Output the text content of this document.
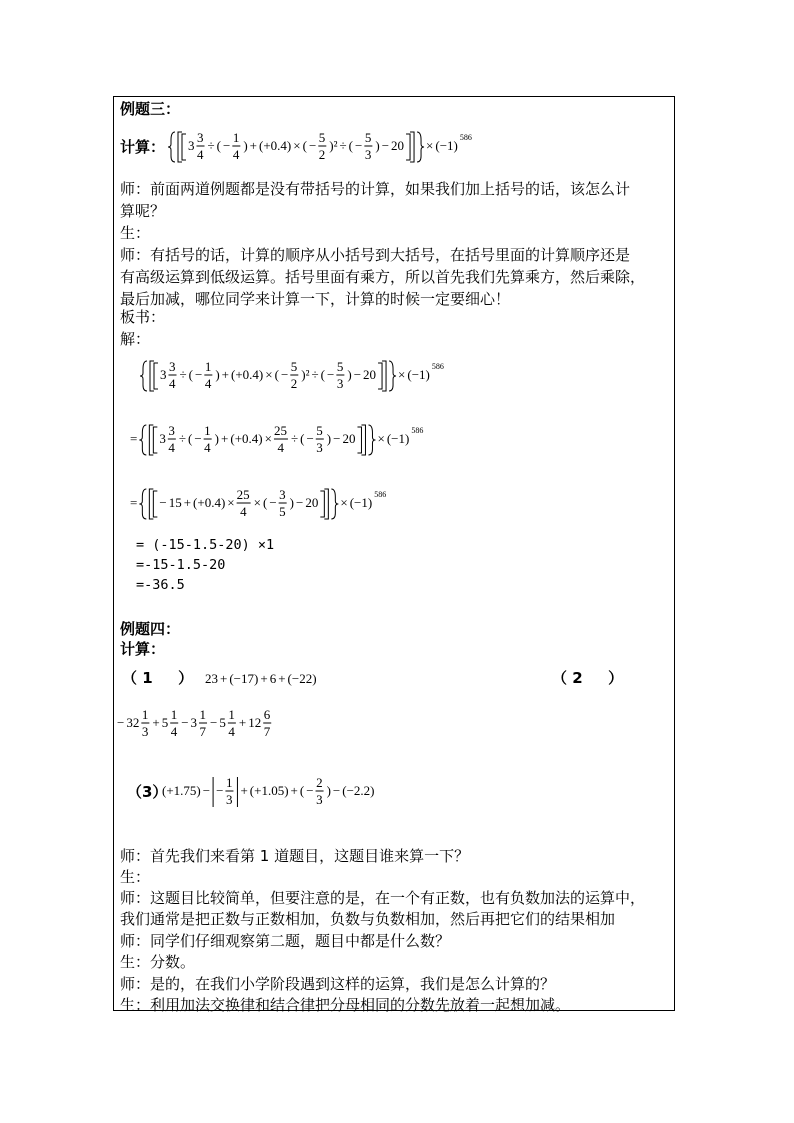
例题三：
计算： 3
3
4
÷ ( −
1
4
) + (+0.4) × ( −
5
2
)² ÷ ( −
5
3
) − 20 × (−1)
586
师：前面两道例题都是没有带括号的计算，如果我们加上括号的话，该怎么计
算呢？
生：
师：有括号的话，计算的顺序从小括号到大括号，在括号里面的计算顺序还是
有高级运算到低级运算。括号里面有乘方，所以首先我们先算乘方，然后乘除，
最后加减，哪位同学来计算一下，计算的时候一定要细心！
板书：
解：
3
3
4
÷ ( −
1
4
) + (+0.4) × ( −
5
2
)² ÷ ( −
5
3
) − 20 × (−1)
586
= 3
3
4
÷ ( −
1
4
) + (+0.4) ×
25
4
÷ ( −
5
3
) − 20 × (−1)
586
= − 15 + (+0.4) ×
25
4
× ( −
3
5
) − 20 × (−1)
586
= (-15-1.5-20) ×1
=-15-1.5-20
=-36.5
例题四：
计算：
（ 1 　 ） 23 + (−17) + 6 + (−22)	（ 2 　 ）
− 32
1
3
+ 5
1
4
− 3
1
7
− 5
1
4
+ 12
6
7
（3）
(+1.75) − −
1
3
+ (+1.05) + ( −
2
3
) − (−2.2)
师：首先我们来看第 1 道题目，这题目谁来算一下？
生：
师：这题目比较简单，但要注意的是，在一个有正数，也有负数加法的运算中，
我们通常是把正数与正数相加，负数与负数相加，然后再把它们的结果相加
师：同学们仔细观察第二题，题目中都是什么数？
生：分数。
师：是的，在我们小学阶段遇到这样的运算，我们是怎么计算的？
生：利用加法交换律和结合律把分母相同的分数先放着一起想加减。
